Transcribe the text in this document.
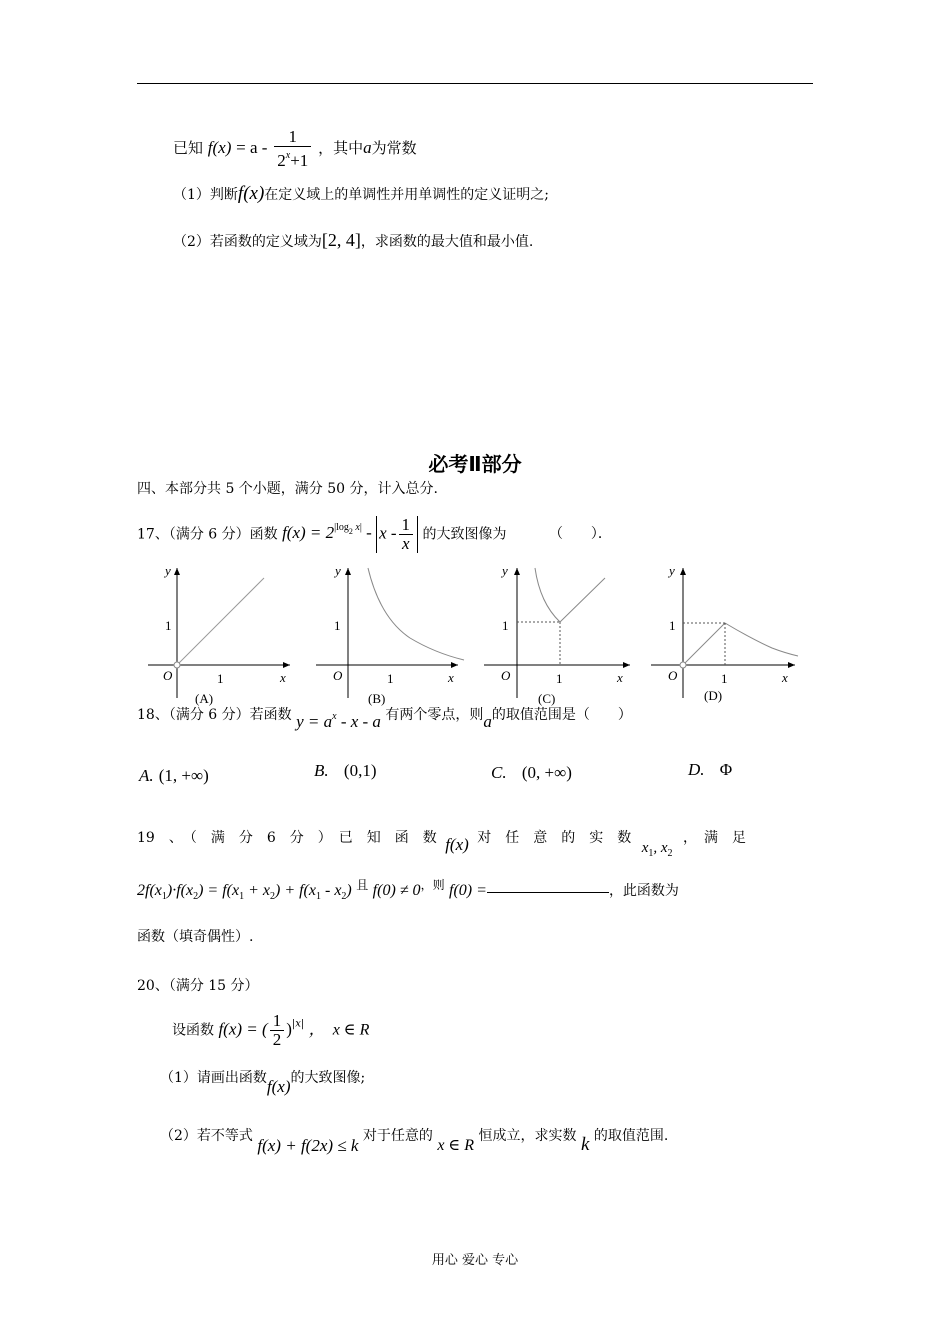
已知 $f(x) = a - \frac{1}{2^x+1}$ ，其中a为常数
（1）判断f(x)在定义域上的单调性并用单调性的定义证明之;
（2）若函数的定义域为[2, 4]，求函数的最大值和最小值.
必考Ⅱ部分
四、本部分共 5 个小题，满分 50 分，计入总分.
17、（满分 6 分）函数 $f(x) = 2^{|log_2 x|} - x - \frac{1}{x}$ 的大致图像为	（　　）．
y
x
O	1
1
(A)
y
x
O	1
1
(B)
y
x
O	1
1
(C)
y
x
O	1
1
(D)
18、（满分 6 分）若函数 $y = a^x - x - a$ 有两个零点，则a的取值范围是（　　）
A. (1, +∞)	B. (0,1)	C. (0, +∞)	D. Φ
19　、　（　满　分　6　分　）　已　知　函　数 f(x) 对　任　意　的　实　数 $x_1$, $x_2$ ，　满　足
$2f(x_1)\cdot f(x_2) = f(x_1 + x_2) + f(x_1 - x_2)$ 且 f(0) ≠ 0，则 f(0) =	，此函数为
函数（填奇偶性）.
20、（满分 15 分）
设函数 f(x) = ( $\frac{1}{2} )^{|x|}$ ，　x ∈ R
（1）请画出函数f(x)的大致图像;
（2）若不等式 f(x) + f(2x) ≤ k 对于任意的 x ∈ R 恒成立，求实数 k 的取值范围.
用心 爱心 专心
